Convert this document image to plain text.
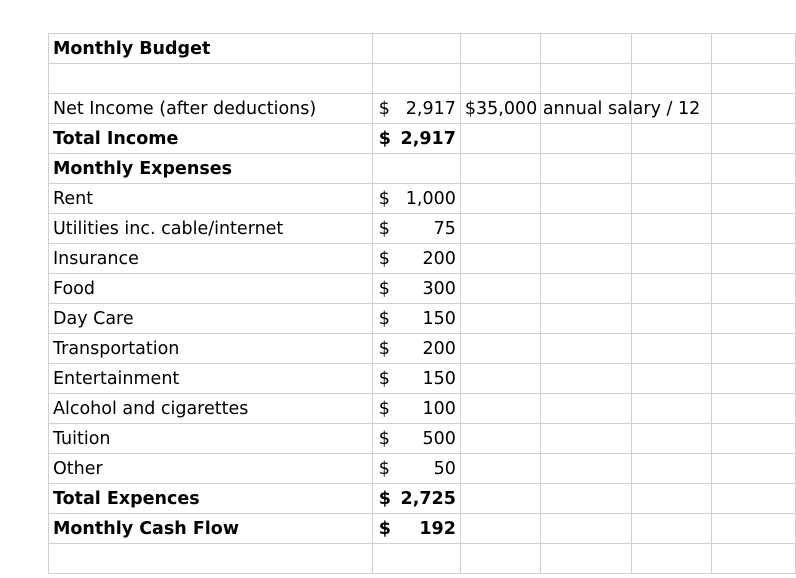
Monthly Budget					

Net Income (after deductions)	$ 2,917	$35,000 annual salary / 12			

Total Income	$ 2,917				

Monthly Expenses					
Rent	$ 1,000				

Utilities inc. cable/internet	$ 75				

Insurance	$ 200				

Food	$ 300				

Day Care	$ 150				

Transportation	$ 200				

Entertainment	$ 150				

Alcohol and cigarettes	$ 100				

Tuition	$ 500				

Other	$ 50				

Total Expences	$ 2,725				

Monthly Cash Flow	$ 192				
